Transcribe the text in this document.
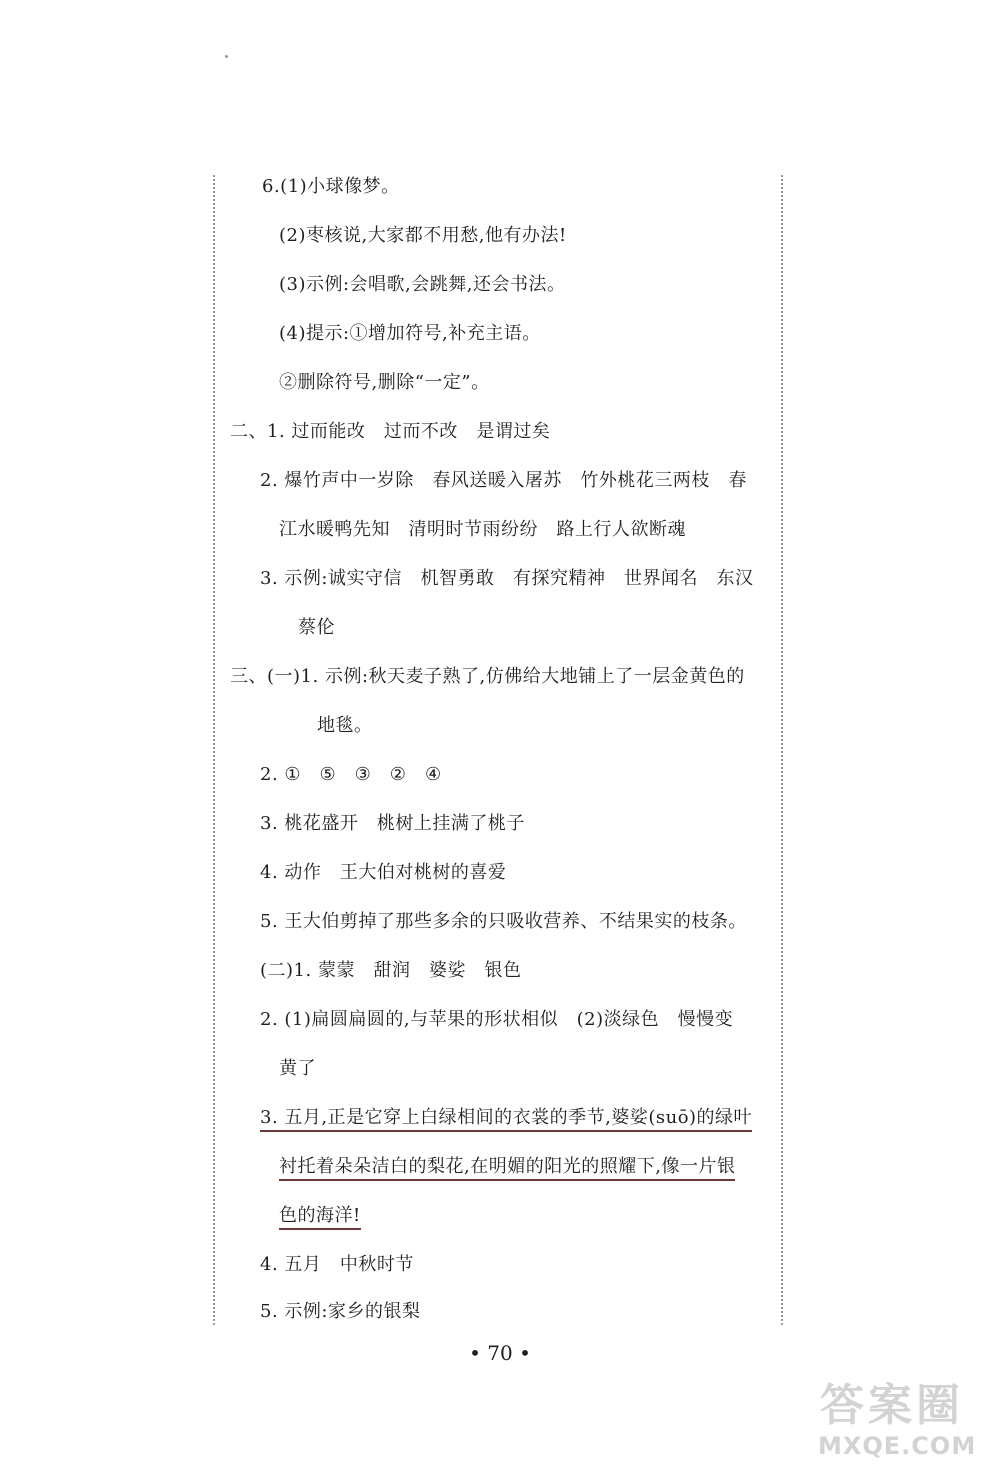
6.(1)小球像梦。
(2)枣核说,大家都不用愁,他有办法!
(3)示例:会唱歌,会跳舞,还会书法。
(4)提示:①增加符号,补充主语。
②删除符号,删除“一定”。
二、1. 过而能改　过而不改　是谓过矣
2. 爆竹声中一岁除　春风送暖入屠苏　竹外桃花三两枝　春
江水暖鸭先知　清明时节雨纷纷　路上行人欲断魂
3. 示例:诚实守信　机智勇敢　有探究精神　世界闻名　东汉
蔡伦
三、(一)1. 示例:秋天麦子熟了,仿佛给大地铺上了一层金黄色的
地毯。
2. ①　⑤　③　②　④
3. 桃花盛开　桃树上挂满了桃子
4. 动作　王大伯对桃树的喜爱
5. 王大伯剪掉了那些多余的只吸收营养、不结果实的枝条。
(二)1. 蒙蒙　甜润　婆娑　银色
2. (1)扁圆扁圆的,与苹果的形状相似　(2)淡绿色　慢慢变
黄了
3. 五月,正是它穿上白绿相间的衣裳的季节,婆娑(suō)的绿叶
衬托着朵朵洁白的梨花,在明媚的阳光的照耀下,像一片银
色的海洋!
4. 五月　中秋时节
5. 示例:家乡的银梨
• 70 •
答案圈
MXQE.COM
